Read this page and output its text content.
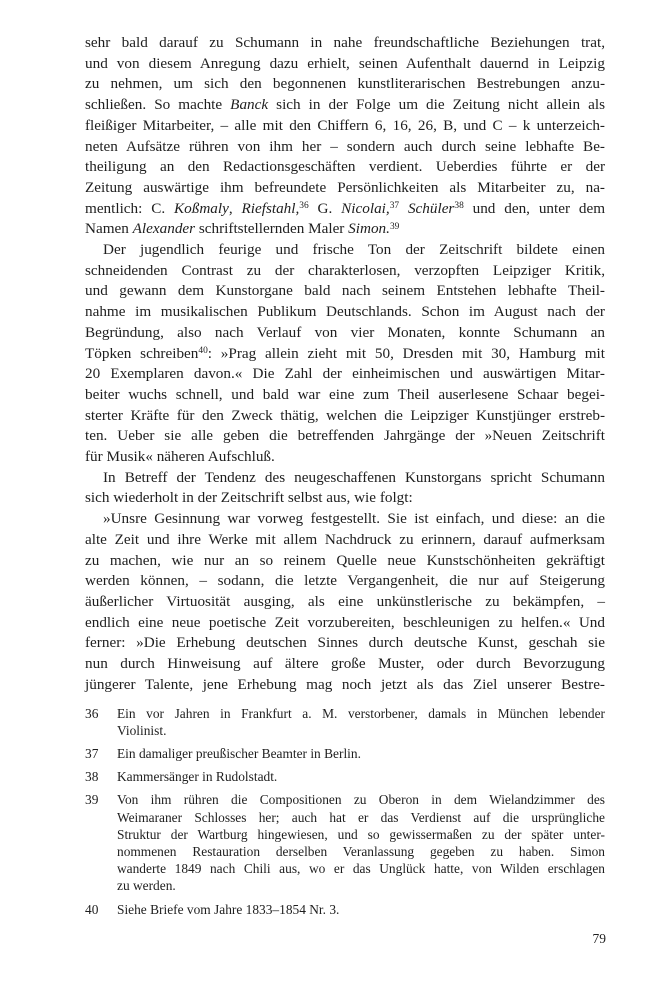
sehr bald darauf zu Schumann in nahe freundschaftliche Beziehungen trat,
und von diesem Anregung dazu erhielt, seinen Aufenthalt dauernd in Leipzig
zu nehmen, um sich den begonnenen kunstliterarischen Bestrebungen anzu-
schließen. So machte Banck sich in der Folge um die Zeitung nicht allein als
fleißiger Mitarbeiter, – alle mit den Chiffern 6, 16, 26, B, und C – k unterzeich-
neten Aufsätze rühren von ihm her – sondern auch durch seine lebhafte Be-
theiligung an den Redactionsgeschäften verdient. Ueberdies führte er der
Zeitung auswärtige ihm befreundete Persönlichkeiten als Mitarbeiter zu, na-
mentlich: C. Koßmaly, Riefstahl,$^{36}$ G. Nicolai,$^{37}$ Schüler$^{38}$ und den, unter dem
Namen Alexander schriftstellernden Maler Simon.$^{39}$
Der jugendlich feurige und frische Ton der Zeitschrift bildete einen
schneidenden Contrast zu der charakterlosen, verzopften Leipziger Kritik,
und gewann dem Kunstorgane bald nach seinem Entstehen lebhafte Theil-
nahme im musikalischen Publikum Deutschlands. Schon im August nach der
Begründung, also nach Verlauf von vier Monaten, konnte Schumann an
Töpken schreiben$^{40}$: »Prag allein zieht mit 50, Dresden mit 30, Hamburg mit
20 Exemplaren davon.« Die Zahl der einheimischen und auswärtigen Mitar-
beiter wuchs schnell, und bald war eine zum Theil auserlesene Schaar begei-
sterter Kräfte für den Zweck thätig, welchen die Leipziger Kunstjünger erstreb-
ten. Ueber sie alle geben die betreffenden Jahrgänge der »Neuen Zeitschrift
für Musik« näheren Aufschluß.
In Betreff der Tendenz des neugeschaffenen Kunstorgans spricht Schumann
sich wiederholt in der Zeitschrift selbst aus, wie folgt:
»Unsre Gesinnung war vorweg festgestellt. Sie ist einfach, und diese: an die
alte Zeit und ihre Werke mit allem Nachdruck zu erinnern, darauf aufmerksam
zu machen, wie nur an so reinem Quelle neue Kunstschönheiten gekräftigt
werden können, – sodann, die letzte Vergangenheit, die nur auf Steigerung
äußerlicher Virtuosität ausging, als eine unkünstlerische zu bekämpfen, –
endlich eine neue poetische Zeit vorzubereiten, beschleunigen zu helfen.« Und
ferner: »Die Erhebung deutschen Sinnes durch deutsche Kunst, geschah sie
nun durch Hinweisung auf ältere große Muster, oder durch Bevorzugung
jüngerer Talente, jene Erhebung mag noch jetzt als das Ziel unserer Bestre-
36	Ein vor Jahren in Frankfurt a. M. verstorbener, damals in München lebender
Violinist.
37	Ein damaliger preußischer Beamter in Berlin.
38	Kammersänger in Rudolstadt.
39	Von ihm rühren die Compositionen zu Oberon in dem Wielandzimmer des
Weimaraner Schlosses her; auch hat er das Verdienst auf die ursprüngliche
Struktur der Wartburg hingewiesen, und so gewissermaßen zu der später unter-
nommenen Restauration derselben Veranlassung gegeben zu haben. Simon
wanderte 1849 nach Chili aus, wo er das Unglück hatte, von Wilden erschlagen
zu werden.
40	Siehe Briefe vom Jahre 1833–1854 Nr. 3.
79
